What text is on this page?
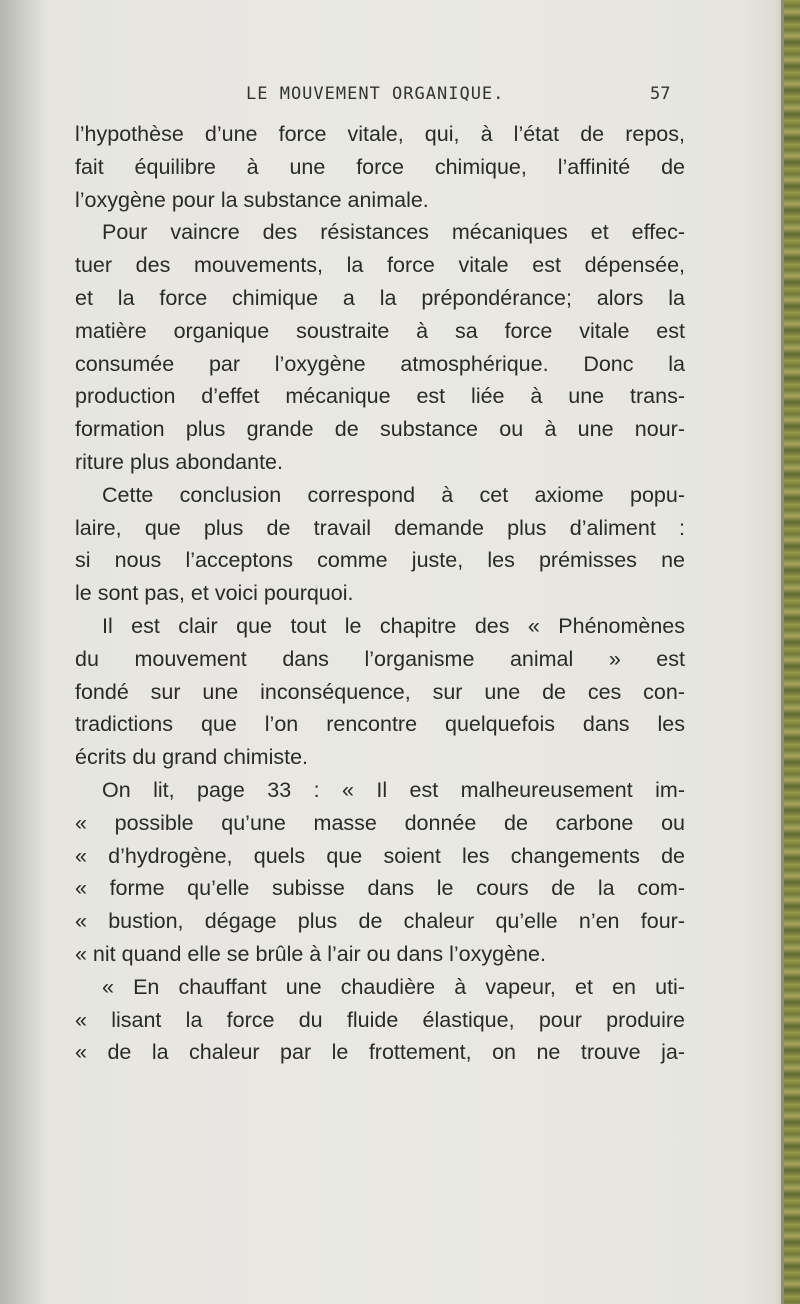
LE MOUVEMENT ORGANIQUE.	57
l’hypothèse d’une force vitale, qui, à l’état de repos,
fait équilibre à une force chimique, l’affinité de
l’oxygène pour la substance animale.
Pour vaincre des résistances mécaniques et effec-
tuer des mouvements, la force vitale est dépensée,
et la force chimique a la prépondérance; alors la
matière organique soustraite à sa force vitale est
consumée par l’oxygène atmosphérique. Donc la
production d’effet mécanique est liée à une trans-
formation plus grande de substance ou à une nour-
riture plus abondante.
Cette conclusion correspond à cet axiome popu-
laire, que plus de travail demande plus d’aliment :
si nous l’acceptons comme juste, les prémisses ne
le sont pas, et voici pourquoi.
Il est clair que tout le chapitre des « Phénomènes
du mouvement dans l’organisme animal » est
fondé sur une inconséquence, sur une de ces con-
tradictions que l’on rencontre quelquefois dans les
écrits du grand chimiste.
On lit, page 33 : « Il est malheureusement im-
« possible qu’une masse donnée de carbone ou
« d’hydrogène, quels que soient les changements de
« forme qu’elle subisse dans le cours de la com-
« bustion, dégage plus de chaleur qu’elle n’en four-
« nit quand elle se brûle à l’air ou dans l’oxygène.
« En chauffant une chaudière à vapeur, et en uti-
« lisant la force du fluide élastique, pour produire
« de la chaleur par le frottement, on ne trouve ja-
